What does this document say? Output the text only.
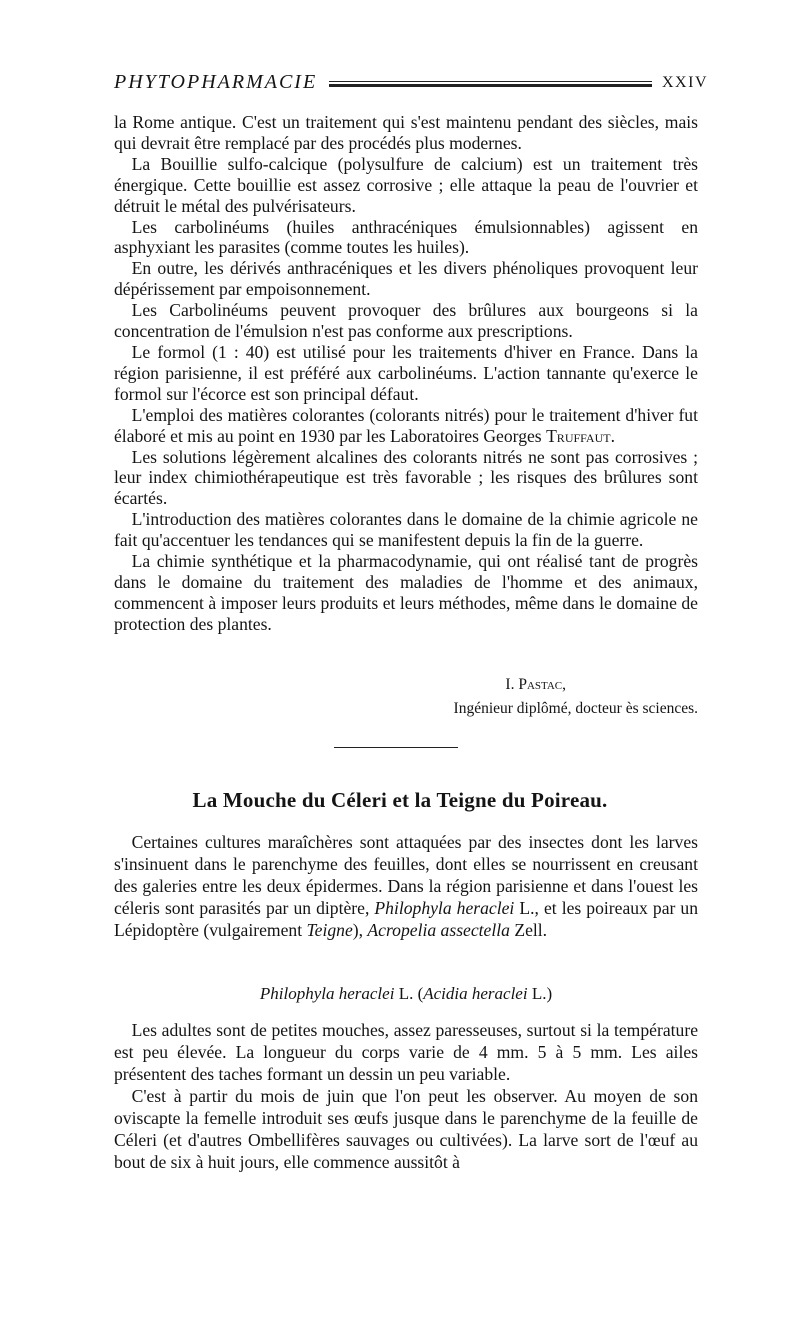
PHYTOPHARMACIE	XXIV

la Rome antique. C'est un traitement qui s'est maintenu pendant des siècles, mais qui devrait être remplacé par des procédés plus modernes.

La Bouillie sulfo-calcique (polysulfure de calcium) est un traitement très énergique. Cette bouillie est assez corrosive ; elle attaque la peau de l'ouvrier et détruit le métal des pulvérisateurs.

Les carbolinéums (huiles anthracéniques émulsionnables) agissent en asphyxiant les parasites (comme toutes les huiles).

En outre, les dérivés anthracéniques et les divers phénoliques provoquent leur dépérissement par empoisonnement.

Les Carbolinéums peuvent provoquer des brûlures aux bourgeons si la concentration de l'émulsion n'est pas conforme aux prescriptions.

Le formol (1 : 40) est utilisé pour les traitements d'hiver en France. Dans la région parisienne, il est préféré aux carbolinéums. L'action tannante qu'exerce le formol sur l'écorce est son principal défaut.

L'emploi des matières colorantes (colorants nitrés) pour le traitement d'hiver fut élaboré et mis au point en 1930 par les Laboratoires Georges Truffaut.

Les solutions légèrement alcalines des colorants nitrés ne sont pas corrosives ; leur index chimiothérapeutique est très favorable ; les risques des brûlures sont écartés.

L'introduction des matières colorantes dans le domaine de la chimie agricole ne fait qu'accentuer les tendances qui se manifestent depuis la fin de la guerre.

La chimie synthétique et la pharmacodynamie, qui ont réalisé tant de progrès dans le domaine du traitement des maladies de l'homme et des animaux, commencent à imposer leurs produits et leurs méthodes, même dans le domaine de protection des plantes.

I. Pastac,
Ingénieur diplômé, docteur ès sciences.
La Mouche du Céleri et la Teigne du Poireau.

Certaines cultures maraîchères sont attaquées par des insectes dont les larves s'insinuent dans le parenchyme des feuilles, dont elles se nourrissent en creusant des galeries entre les deux épidermes. Dans la région parisienne et dans l'ouest les céleris sont parasités par un diptère, Philophyla heraclei L., et les poireaux par un Lépidoptère (vulgairement Teigne), Acropelia assectella Zell.

Philophyla heraclei L. (Acidia heraclei L.)

Les adultes sont de petites mouches, assez paresseuses, surtout si la température est peu élevée. La longueur du corps varie de 4 mm. 5 à 5 mm. Les ailes présentent des taches formant un dessin un peu variable.

C'est à partir du mois de juin que l'on peut les observer. Au moyen de son oviscapte la femelle introduit ses œufs jusque dans le parenchyme de la feuille de Céleri (et d'autres Ombellifères sauvages ou cultivées). La larve sort de l'œuf au bout de six à huit jours, elle commence aussitôt à
